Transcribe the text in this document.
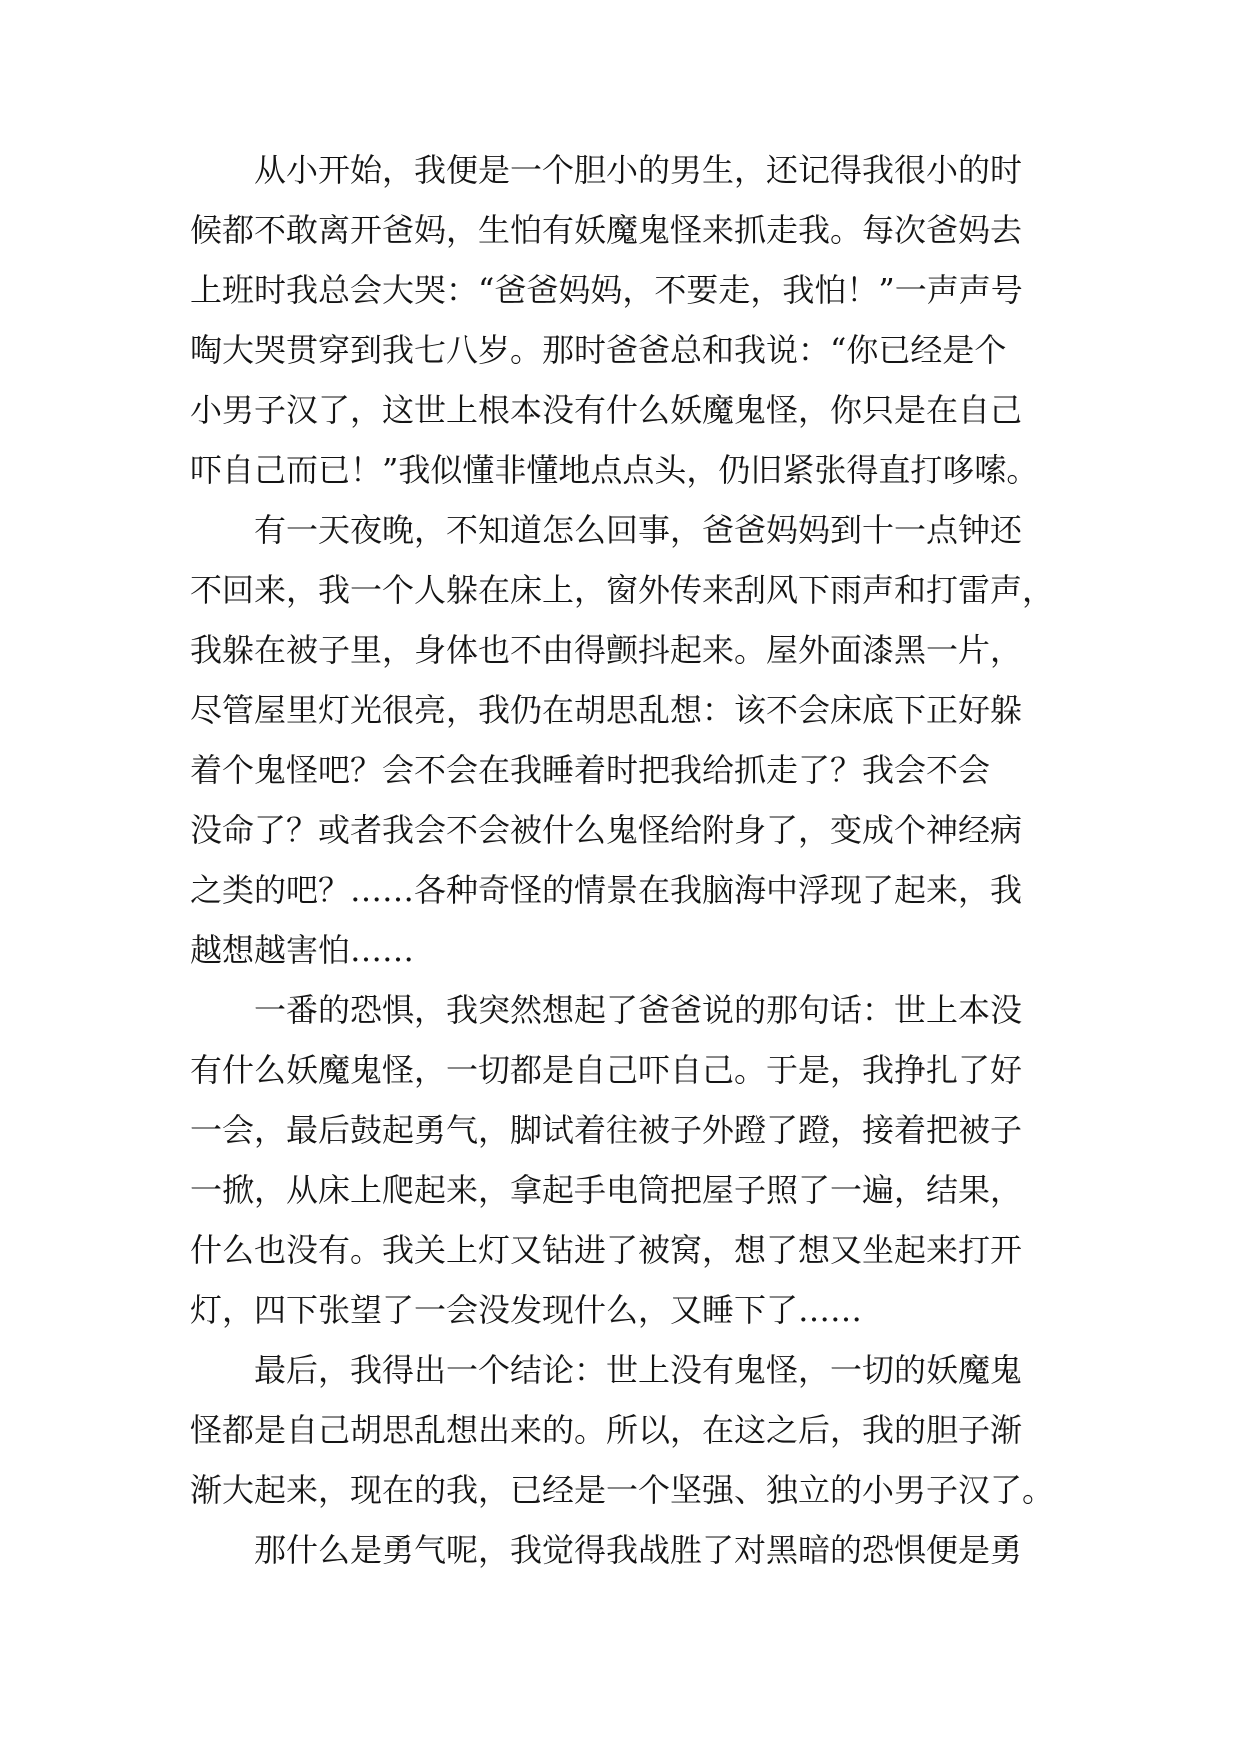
从小开始，我便是一个胆小的男生，还记得我很小的时
候都不敢离开爸妈，生怕有妖魔鬼怪来抓走我。每次爸妈去
上班时我总会大哭：“爸爸妈妈，不要走，我怕！”一声声号
啕大哭贯穿到我七八岁。那时爸爸总和我说：“你已经是个
小男子汉了，这世上根本没有什么妖魔鬼怪，你只是在自己
吓自己而已！”我似懂非懂地点点头，仍旧紧张得直打哆嗦。
有一天夜晚，不知道怎么回事，爸爸妈妈到十一点钟还
不回来，我一个人躲在床上，窗外传来刮风下雨声和打雷声，
我躲在被子里，身体也不由得颤抖起来。屋外面漆黑一片，
尽管屋里灯光很亮，我仍在胡思乱想：该不会床底下正好躲
着个鬼怪吧？会不会在我睡着时把我给抓走了？我会不会
没命了？或者我会不会被什么鬼怪给附身了，变成个神经病
之类的吧？……各种奇怪的情景在我脑海中浮现了起来，我
越想越害怕……
一番的恐惧，我突然想起了爸爸说的那句话：世上本没
有什么妖魔鬼怪，一切都是自己吓自己。于是，我挣扎了好
一会，最后鼓起勇气，脚试着往被子外蹬了蹬，接着把被子
一掀，从床上爬起来，拿起手电筒把屋子照了一遍，结果，
什么也没有。我关上灯又钻进了被窝，想了想又坐起来打开
灯，四下张望了一会没发现什么，又睡下了……
最后，我得出一个结论：世上没有鬼怪，一切的妖魔鬼
怪都是自己胡思乱想出来的。所以，在这之后，我的胆子渐
渐大起来，现在的我，已经是一个坚强、独立的小男子汉了。
那什么是勇气呢，我觉得我战胜了对黑暗的恐惧便是勇
